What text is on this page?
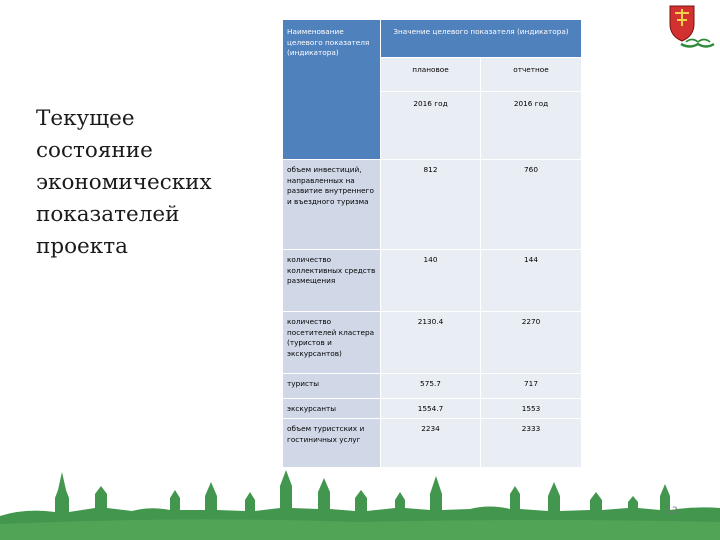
Текущее
состояние
экономических
показателей
проекта
Наименование целевого показателя (индикатора)	Значение целевого показателя (индикатора)	

	плановое	отчетное

	2016 год	2016 год

объем инвестиций, направленных на развитие внутреннего и въездного туризма	812	760

количество коллективных средств размещения	140	144

количество посетителей кластера (туристов и экскурсантов)	2130.4	2270

туристы	575.7	717

экскурсанты	1554.7	1553

объем туристских и гостиничных услуг	2234	2333
12
